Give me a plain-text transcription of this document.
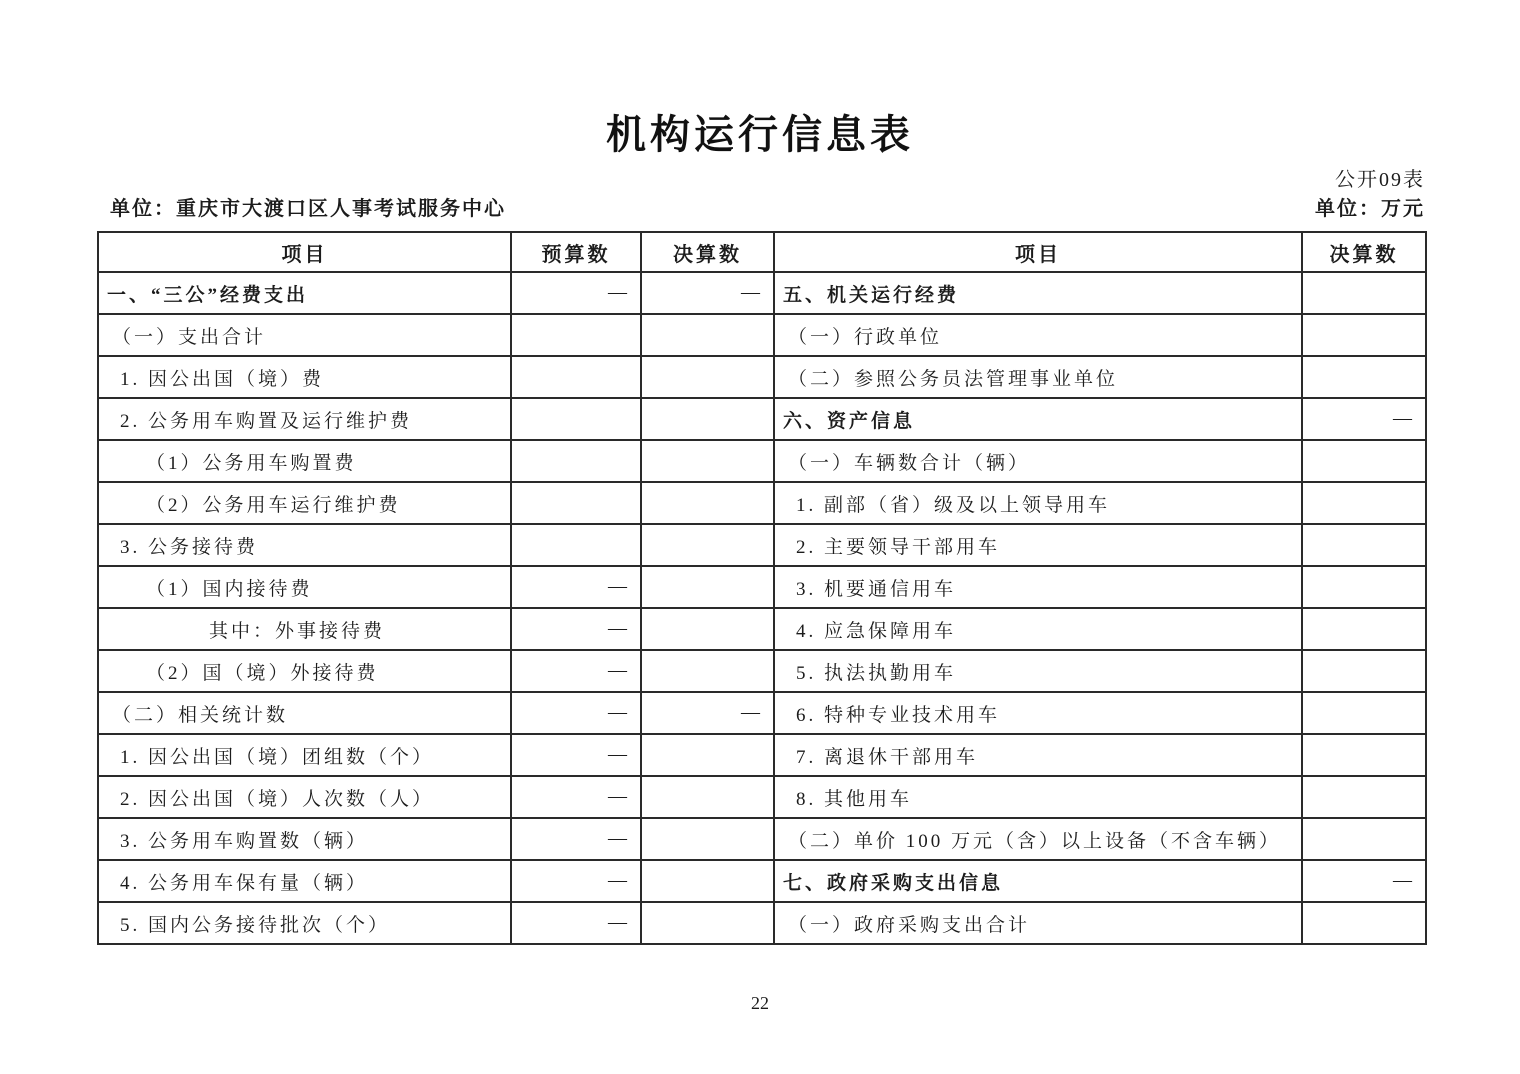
机构运行信息表
公开09表
单位：重庆市大渡口区人事考试服务中心	单位：万元
项目	预算数	决算数	项目	决算数
一、“三公”经费支出	—	—	五、机关运行经费	
（一）支出合计			（一）行政单位	
1. 因公出国（境）费			（二）参照公务员法管理事业单位	
2. 公务用车购置及运行维护费			六、资产信息	—
（1）公务用车购置费			（一）车辆数合计（辆）	
（2）公务用车运行维护费			1. 副部（省）级及以上领导用车	
3. 公务接待费			2. 主要领导干部用车	
（1）国内接待费	—		3. 机要通信用车	
其中：外事接待费	—		4. 应急保障用车	
（2）国（境）外接待费	—		5. 执法执勤用车	
（二）相关统计数	—	—	6. 特种专业技术用车	
1. 因公出国（境）团组数（个）	—		7. 离退休干部用车	
2. 因公出国（境）人次数（人）	—		8. 其他用车	
3. 公务用车购置数（辆）	—		（二）单价 100 万元（含）以上设备（不含车辆）	
4. 公务用车保有量（辆）	—		七、政府采购支出信息	—
5. 国内公务接待批次（个）	—		（一）政府采购支出合计	
22
